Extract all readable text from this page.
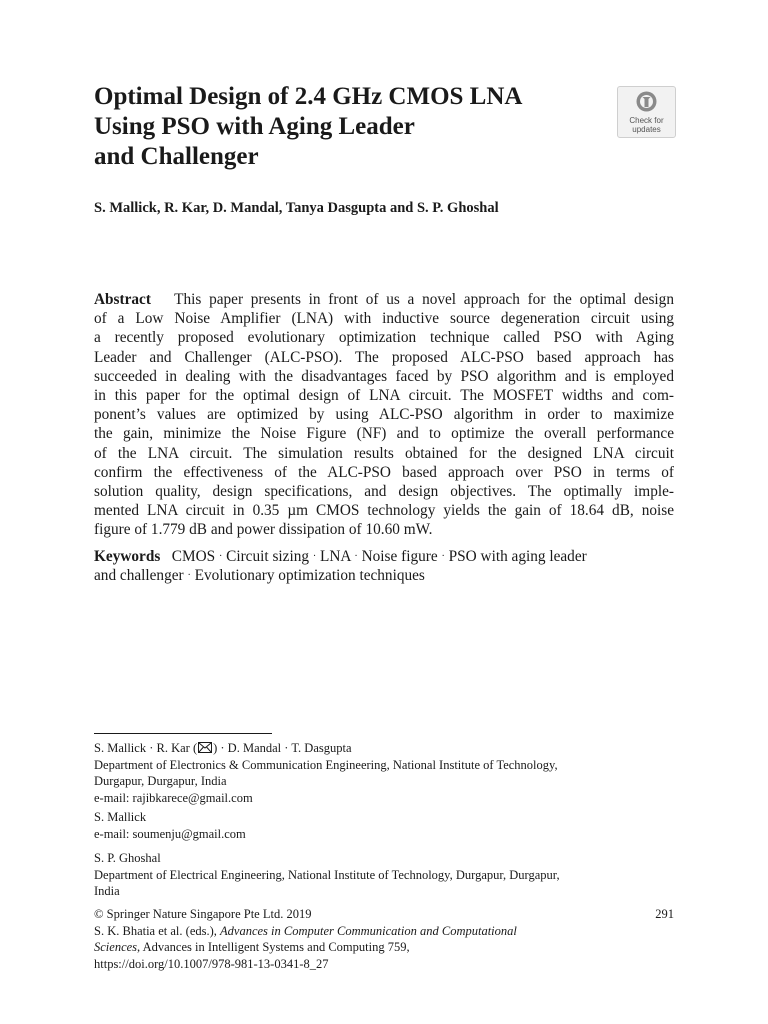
Optimal Design of 2.4 GHz CMOS LNA
Using PSO with Aging Leader
and Challenger
Check for
updates
S. Mallick, R. Kar, D. Mandal, Tanya Dasgupta and S. P. Ghoshal
Abstract This paper presents in front of us a novel approach for the optimal design
of a Low Noise Amplifier (LNA) with inductive source degeneration circuit using
a recently proposed evolutionary optimization technique called PSO with Aging
Leader and Challenger (ALC-PSO). The proposed ALC-PSO based approach has
succeeded in dealing with the disadvantages faced by PSO algorithm and is employed
in this paper for the optimal design of LNA circuit. The MOSFET widths and com-
ponent’s values are optimized by using ALC-PSO algorithm in order to maximize
the gain, minimize the Noise Figure (NF) and to optimize the overall performance
of the LNA circuit. The simulation results obtained for the designed LNA circuit
confirm the effectiveness of the ALC-PSO based approach over PSO in terms of
solution quality, design specifications, and design objectives. The optimally imple-
mented LNA circuit in 0.35 µm CMOS technology yields the gain of 18.64 dB, noise
figure of 1.779 dB and power dissipation of 10.60 mW.
Keywords CMOS · Circuit sizing · LNA · Noise figure · PSO with aging leader
and challenger · Evolutionary optimization techniques
S. Mallick · R. Kar ( ) · D. Mandal · T. Dasgupta
Department of Electronics & Communication Engineering, National Institute of Technology,
Durgapur, Durgapur, India
e-mail: rajibkarece@gmail.com
S. Mallick
e-mail: soumenju@gmail.com
S. P. Ghoshal
Department of Electrical Engineering, National Institute of Technology, Durgapur, Durgapur,
India
© Springer Nature Singapore Pte Ltd. 2019	291
S. K. Bhatia et al. (eds.), Advances in Computer Communication and Computational
Sciences, Advances in Intelligent Systems and Computing 759,
https://doi.org/10.1007/978-981-13-0341-8_27
